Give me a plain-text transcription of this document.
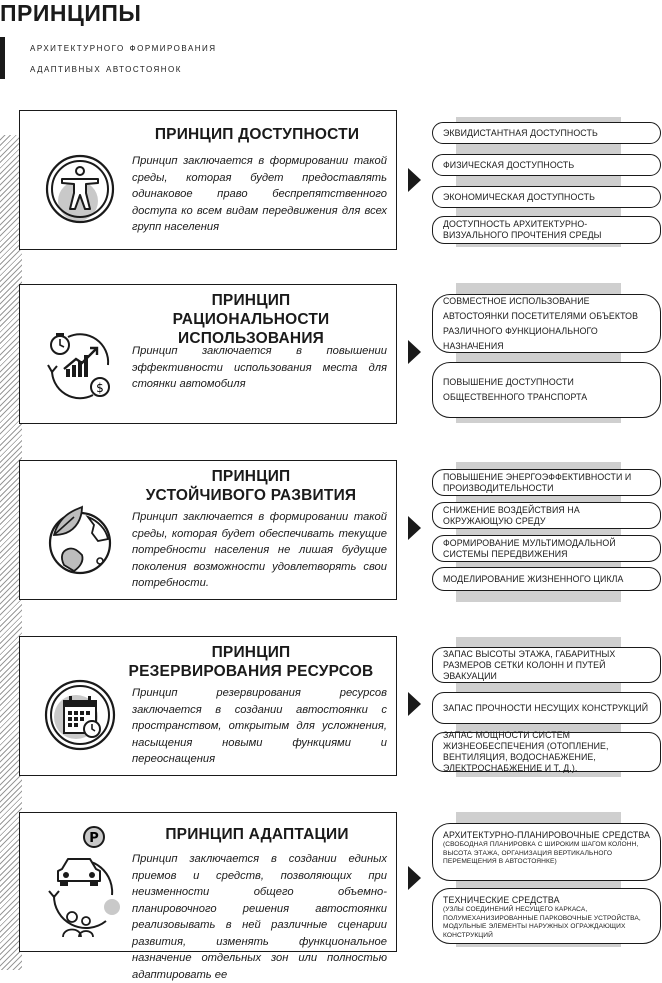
ПРИНЦИПЫ
архитектурного формирования
адаптивных автостоянок
ПРИНЦИП ДОСТУПНОСТИ
Принцип заключается в формировании такой среды, которая будет предоставлять одинаковое право беспрепятственного доступа ко всем видам передвижения для всех групп населения
ЭКВИДИСТАНТНАЯ ДОСТУПНОСТЬ
ФИЗИЧЕСКАЯ ДОСТУПНОСТЬ
ЭКОНОМИЧЕСКАЯ ДОСТУПНОСТЬ
ДОСТУПНОСТЬ АРХИТЕКТУРНО-ВИЗУАЛЬНОГО ПРОЧТЕНИЯ СРЕДЫ
ПРИНЦИП
РАЦИОНАЛЬНОСТИ ИСПОЛЬЗОВАНИЯ
Принцип заключается в повышении эффективности использования места для стоянки автомобиля
$
СОВМЕСТНОЕ ИСПОЛЬЗОВАНИЕ АВТОСТОЯНКИ ПОСЕТИТЕЛЯМИ ОБЪЕКТОВ РАЗЛИЧНОГО ФУНКЦИОНАЛЬНОГО НАЗНАЧЕНИЯ
ПОВЫШЕНИЕ ДОСТУПНОСТИ ОБЩЕСТВЕННОГО ТРАНСПОРТА
ПРИНЦИП
УСТОЙЧИВОГО РАЗВИТИЯ
Принцип заключается в формировании такой среды, которая будет обеспечивать текущие потребности населения не лишая будущие поколения возможности удовлетворять свои потребности.
ПОВЫШЕНИЕ ЭНЕРГОЭФФЕКТИВНОСТИ И ПРОИЗВОДИТЕЛЬНОСТИ
СНИЖЕНИЕ ВОЗДЕЙСТВИЯ НА ОКРУЖАЮЩУЮ СРЕДУ
ФОРМИРОВАНИЕ МУЛЬТИМОДАЛЬНОЙ СИСТЕМЫ ПЕРЕДВИЖЕНИЯ
МОДЕЛИРОВАНИЕ ЖИЗНЕННОГО ЦИКЛА
ПРИНЦИП
РЕЗЕРВИРОВАНИЯ РЕСУРСОВ
Принцип резервирования ресурсов заключается в создании автостоянки с пространством, открытым для усложнения, насыщения новыми функциями и переоснащения
ЗАПАС ВЫСОТЫ ЭТАЖА, ГАБАРИТНЫХ РАЗМЕРОВ СЕТКИ КОЛОНН И ПУТЕЙ ЭВАКУАЦИИ
ЗАПАС ПРОЧНОСТИ НЕСУЩИХ КОНСТРУКЦИЙ
ЗАПАС МОЩНОСТИ СИСТЕМ ЖИЗНЕОБЕСПЕЧЕНИЯ (ОТОПЛЕНИЕ, ВЕНТИЛЯЦИЯ, ВОДОСНАБЖЕНИЕ, ЭЛЕКТРОСНАБЖЕНИЕ И Т. Д.).
ПРИНЦИП АДАПТАЦИИ
Принцип заключается в создании единых приемов и средств, позволяющих при неизменности общего объемно-планировочного решения автостоянки реализовывать в ней различные сценарии развития, изменять функциональное назначение отдельных зон или полностью адаптировать ее
P	АРХИТЕКТУРНО-ПЛАНИРОВОЧНЫЕ СРЕДСТВА
(СВОБОДНАЯ ПЛАНИРОВКА С ШИРОКИМ ШАГОМ КОЛОНН, ВЫСОТА ЭТАЖА, ОРГАНИЗАЦИЯ ВЕРТИКАЛЬНОГО ПЕРЕМЕЩЕНИЯ В АВТОСТОЯНКЕ)
ТЕХНИЧЕСКИЕ СРЕДСТВА
(УЗЛЫ СОЕДИНЕНИЙ НЕСУЩЕГО КАРКАСА, ПОЛУМЕХАНИЗИРОВАННЫЕ ПАРКОВОЧНЫЕ УСТРОЙСТВА, МОДУЛЬНЫЕ ЭЛЕМЕНТЫ НАРУЖНЫХ ОГРАЖДАЮЩИХ КОНСТРУКЦИЙ
